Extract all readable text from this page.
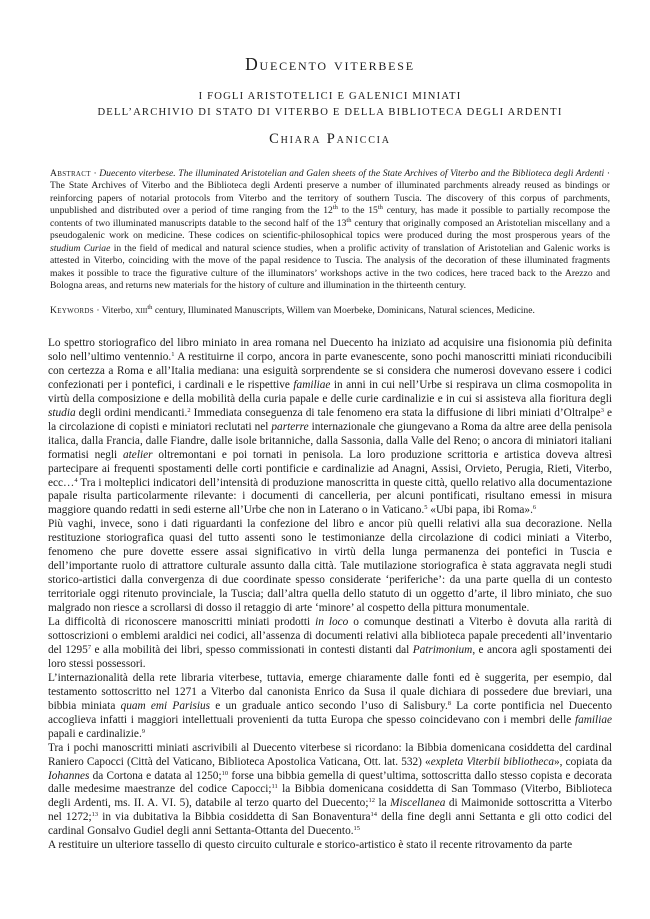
Duecento viterbese
I FOGLI ARISTOTELICI E GALENICI MINIATI
DELL’ARCHIVIO DI STATO DI VITERBO E DELLA BIBLIOTECA DEGLI ARDENTI
Chiara Paniccia
Abstract · Duecento viterbese. The illuminated Aristotelian and Galen sheets of the State Archives of Viterbo and the Biblioteca degli Ardenti · The State Archives of Viterbo and the Biblioteca degli Ardenti preserve a number of illuminated parchments already reused as bindings or reinforcing papers of notarial protocols from Viterbo and the territory of southern Tuscia. The discovery of this corpus of parchments, unpublished and distributed over a period of time ranging from the 12th to the 15th century, has made it possible to partially recompose the contents of two illuminated manuscripts datable to the second half of the 13th century that originally composed an Aristotelian miscellany and a pseudogalenic work on medicine. These codices on scientific-philosophical topics were produced during the most prosperous years of the studium Curiae in the field of medical and natural science studies, when a prolific activity of translation of Aristotelian and Galenic works is attested in Viterbo, coinciding with the move of the papal residence to Tuscia. The analysis of the decoration of these illuminated fragments makes it possible to trace the figurative culture of the illuminators’ workshops active in the two codices, here traced back to the Arezzo and Bologna areas, and returns new materials for the history of culture and illumination in the thirteenth century.
Keywords · Viterbo, xiii$^{th}$ century, Illuminated Manuscripts, Willem van Moerbeke, Dominicans, Natural sciences, Medicine.

Lo spettro storiografico del libro miniato in area romana nel Duecento ha iniziato ad acquisire una fisionomia più definita solo nell’ultimo ventennio.$^1$ A restituirne il corpo, ancora in parte evanescente, sono pochi manoscritti miniati riconducibili con certezza a Roma e all’Italia mediana: una esiguità sorprendente se si considera che numerosi dovevano essere i codici confezionati per i pontefici, i cardinali e le rispettive familiae in anni in cui nell’Urbe si respirava un clima cosmopolita in virtù della composizione e della mobilità della curia papale e delle curie cardinalizie e in cui si assisteva alla fioritura degli studia degli ordini mendicanti.$^2$ Immediata conseguenza di tale fenomeno era stata la diffusione di libri miniati d’Oltralpe$^3$ e la circolazione di copisti e miniatori reclutati nel parterre internazionale che giungevano a Roma da altre aree della penisola italica, dalla Francia, dalle Fiandre, dalle isole britanniche, dalla Sassonia, dalla Valle del Reno; o ancora di miniatori italiani formatisi negli atelier oltremontani e poi tornati in penisola. La loro produzione scrittoria e artistica doveva altresì partecipare ai frequenti spostamenti delle corti pontificie e cardinalizie ad Anagni, Assisi, Orvieto, Perugia, Rieti, Viterbo, ecc…$^4$ Tra i molteplici indicatori dell’intensità di produzione manoscritta in queste città, quello relativo alla documentazione papale risulta particolarmente rilevante: i documenti di cancelleria, per alcuni pontificati, risultano emessi in misura maggiore quando redatti in sedi esterne all’Urbe che non in Laterano o in Vaticano.$^5$ «Ubi papa, ibi Roma».$^6$

Più vaghi, invece, sono i dati riguardanti la confezione del libro e ancor più quelli relativi alla sua decorazione. Nella restituzione storiografica quasi del tutto assenti sono le testimonianze della circolazione di codici miniati a Viterbo, fenomeno che pure dovette essere assai significativo in virtù della lunga permanenza dei pontefici in Tuscia e dell’importante ruolo di attrattore culturale assunto dalla città. Tale mutilazione storiografica è stata aggravata negli studi storico-artistici dalla convergenza di due coordinate spesso considerate ‘periferiche’: da una parte quella di un contesto territoriale oggi ritenuto provinciale, la Tuscia; dall’altra quella dello statuto di un oggetto d’arte, il libro miniato, che suo malgrado non riesce a scrollarsi di dosso il retaggio di arte ‘minore’ al cospetto della pittura monumentale.

La difficoltà di riconoscere manoscritti miniati prodotti in loco o comunque destinati a Viterbo è dovuta alla rarità di sottoscrizioni o emblemi araldici nei codici, all’assenza di documenti relativi alla biblioteca papale precedenti all’inventario del 1295$^7$ e alla mobilità dei libri, spesso commissionati in contesti distanti dal Patrimonium, e ancora agli spostamenti dei loro stessi possessori.

L’internazionalità della rete libraria viterbese, tuttavia, emerge chiaramente dalle fonti ed è suggerita, per esempio, dal testamento sottoscritto nel 1271 a Viterbo dal canonista Enrico da Susa il quale dichiara di possedere due breviari, una bibbia miniata quam emi Parisius e un graduale antico secondo l’uso di Salisbury.$^8$ La corte pontificia nel Duecento accoglieva infatti i maggiori intellettuali provenienti da tutta Europa che spesso coincidevano con i membri delle familiae papali e cardinalizie.$^9$

Tra i pochi manoscritti miniati ascrivibili al Duecento viterbese si ricordano: la Bibbia domenicana cosiddetta del cardinal Raniero Capocci (Città del Vaticano, Biblioteca Apostolica Vaticana, Ott. lat. 532) «expleta Viterbii bibliotheca», copiata da Iohannes da Cortona e datata al 1250;$^{10}$ forse una bibbia gemella di quest’ultima, sottoscritta dallo stesso copista e decorata dalle medesime maestranze del codice Capocci;$^{11}$ la Bibbia domenicana cosiddetta di San Tommaso (Viterbo, Biblioteca degli Ardenti, ms. II. A. VI. 5), databile al terzo quarto del Duecento;$^{12}$ la Miscellanea di Maimonide sottoscritta a Viterbo nel 1272;$^{13}$ in via dubitativa la Bibbia cosiddetta di San Bonaventura$^{14}$ della fine degli anni Settanta e gli otto codici del cardinal Gonsalvo Gudiel degli anni Settanta-Ottanta del Duecento.$^{15}$

A restituire un ulteriore tassello di questo circuito culturale e storico-artistico è stato il recente ritrovamento da parte
